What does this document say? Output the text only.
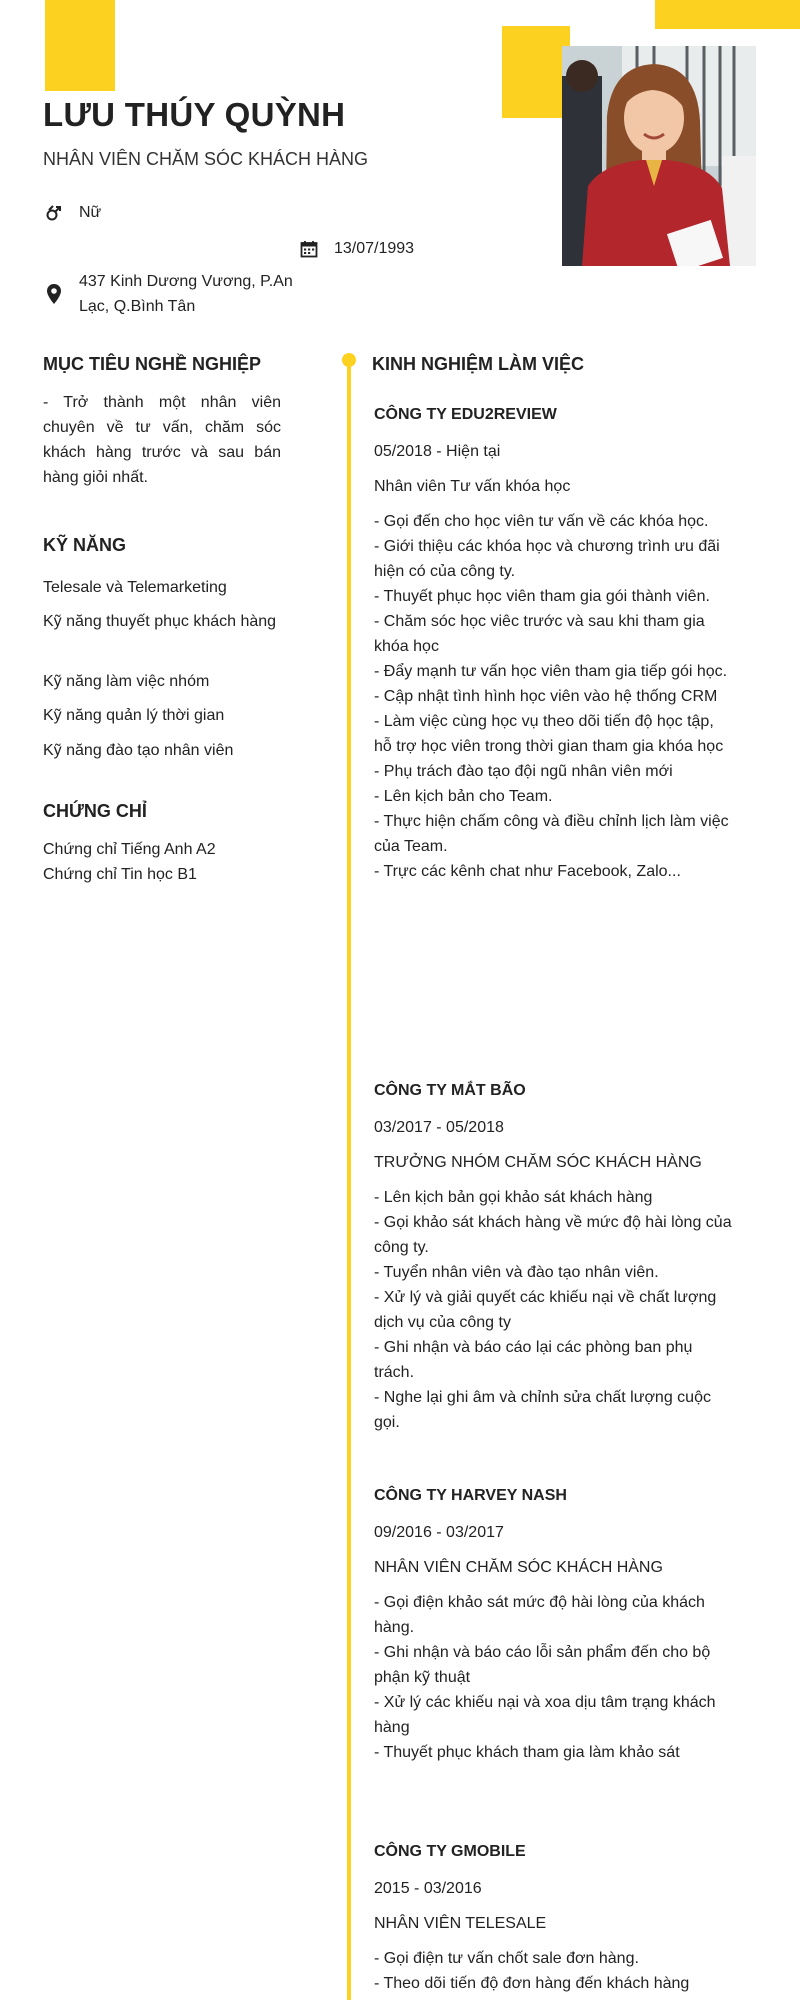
LƯU THÚY QUỲNH
NHÂN VIÊN CHĂM SÓC KHÁCH HÀNG
Nữ
13/07/1993
437 Kinh Dương Vương, P.An Lạc, Q.Bình Tân
MỤC TIÊU NGHỀ NGHIỆP

- Trở thành một nhân viên chuyên về tư vấn, chăm sóc khách hàng trước và sau bán hàng giỏi nhất.

KỸ NĂNG
Telesale và Telemarketing
Kỹ năng thuyết phục khách hàng
Kỹ năng làm việc nhóm
Kỹ năng quản lý thời gian
Kỹ năng đào tạo nhân viên
CHỨNG CHỈ
Chứng chỉ Tiếng Anh A2
Chứng chỉ Tin học B1
KINH NGHIỆM LÀM VIỆC
CÔNG TY EDU2REVIEW
05/2018 - Hiện tại
Nhân viên Tư vấn khóa học
- Gọi đến cho học viên tư vấn về các khóa học.
- Giới thiệu các khóa học và chương trình ưu đãi hiện có của công ty.
- Thuyết phục học viên tham gia gói thành viên.
- Chăm sóc học viêc trước và sau khi tham gia khóa học
- Đẩy mạnh tư vấn học viên tham gia tiếp gói học.
- Cập nhật tình hình học viên vào hệ thống CRM
- Làm việc cùng học vụ theo dõi tiến độ học tập, hỗ trợ học viên trong thời gian tham gia khóa học
- Phụ trách đào tạo đội ngũ nhân viên mới
- Lên kịch bản cho Team.
- Thực hiện chấm công và điều chỉnh lịch làm việc của Team.
- Trực các kênh chat như Facebook, Zalo...
CÔNG TY MẮT BÃO
03/2017 - 05/2018
TRƯỞNG NHÓM CHĂM SÓC KHÁCH HÀNG
- Lên kịch bản gọi khảo sát khách hàng
- Gọi khảo sát khách hàng về mức độ hài lòng của công ty.
- Tuyển nhân viên và đào tạo nhân viên.
- Xử lý và giải quyết các khiếu nại về chất lượng dịch vụ của công ty
- Ghi nhận và báo cáo lại các phòng ban phụ trách.
- Nghe lại ghi âm và chỉnh sửa chất lượng cuộc gọi.
CÔNG TY HARVEY NASH
09/2016 - 03/2017
NHÂN VIÊN CHĂM SÓC KHÁCH HÀNG
- Gọi điện khảo sát mức độ hài lòng của khách hàng.
- Ghi nhận và báo cáo lỗi sản phẩm đến cho bộ phận kỹ thuật
- Xử lý các khiếu nại và xoa dịu tâm trạng khách hàng
- Thuyết phục khách tham gia làm khảo sát
CÔNG TY GMOBILE
2015 - 03/2016
NHÂN VIÊN TELESALE
- Gọi điện tư vấn chốt sale đơn hàng.
- Theo dõi tiến độ đơn hàng đến khách hàng
